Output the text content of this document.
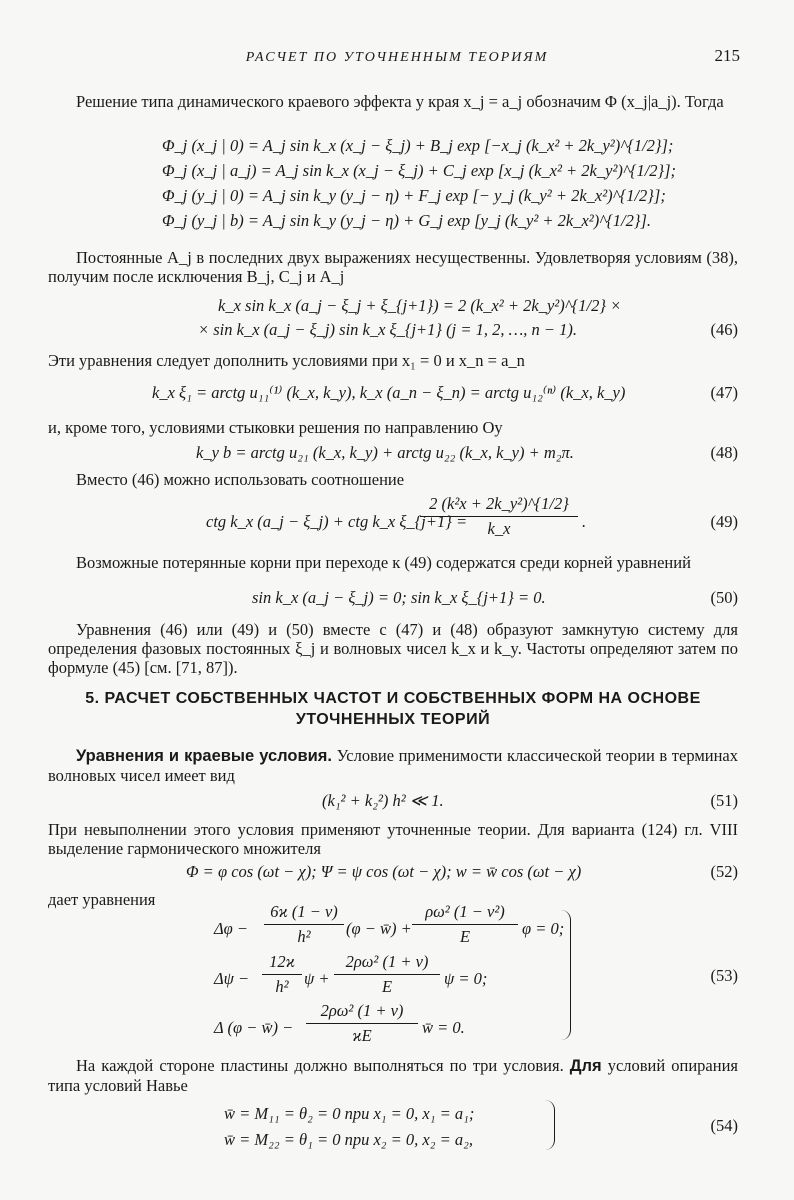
РАСЧЕТ ПО УТОЧНЕННЫМ ТЕОРИЯМ	215
Решение типа динамического краевого эффекта у края x_j = a_j обозначим Φ (x_j|a_j). Тогда
Φ_j (x_j | 0) = A_j sin k_x (x_j − ξ_j) + B_j exp [−x_j (k_x² + 2k_y²)^{1/2}];
Φ_j (x_j | a_j) = A_j sin k_x (x_j − ξ_j) + C_j exp [x_j (k_x² + 2k_y²)^{1/2}];
Φ_j (y_j | 0) = A_j sin k_y (y_j − η) + F_j exp [− y_j (k_y² + 2k_x²)^{1/2}];
Φ_j (y_j | b) = A_j sin k_y (y_j − η) + G_j exp [y_j (k_y² + 2k_x²)^{1/2}].
Постоянные A_j в последних двух выражениях несущественны. Удовлетворяя условиям (38), получим после исключения B_j, C_j и A_j
k_x sin k_x (a_j − ξ_j + ξ_{j+1}) = 2 (k_x² + 2k_y²)^{1/2} ×
× sin k_x (a_j − ξ_j) sin k_x ξ_{j+1} (j = 1, 2, …, n − 1).	(46)
Эти уравнения следует дополнить условиями при x₁ = 0 и x_n = a_n
k_x ξ₁ = arctg u₁₁⁽¹⁾ (k_x, k_y), k_x (a_n − ξ_n) = arctg u₁₂⁽ⁿ⁾ (k_x, k_y)	(47)
и, кроме того, условиями стыковки решения по направлению Oy
k_y b = arctg u₂₁ (k_x, k_y) + arctg u₂₂ (k_x, k_y) + m₂π.	(48)
Вместо (46) можно использовать соотношение
ctg k_x (a_j − ξ_j) + ctg k_x ξ_{j+1} =
2 (k²x + 2k_y²)^{1/2}
k_x	.	(49)
Возможные потерянные корни при переходе к (49) содержатся среди корней уравнений
sin k_x (a_j − ξ_j) = 0; sin k_x ξ_{j+1} = 0.	(50)
Уравнения (46) или (49) и (50) вместе с (47) и (48) образуют замкнутую систему для определения фазовых постоянных ξ_j и волновых чисел k_x и k_y. Частоты определяют затем по формуле (45) [см. [71, 87]).
5. РАСЧЕТ СОБСТВЕННЫХ ЧАСТОТ И СОБСТВЕННЫХ ФОРМ НА ОСНОВЕ УТОЧНЕННЫХ ТЕОРИЙ
Уравнения и краевые условия. Условие применимости классической теории в терминах волновых чисел имеет вид
(k₁² + k₂²) h² ≪ 1.	(51)
При невыполнении этого условия применяют уточненные теории. Для варианта (124) гл. VIII выделение гармонического множителя
Φ = φ cos (ωt − χ); Ψ = ψ cos (ωt − χ); w = w̄ cos (ωt − χ)	(52)
дает уравнения
Δφ −
6ϰ (1 − ν)
h²	(φ − w̄) +
ρω² (1 − ν²)
E	φ = 0;
Δψ −
12ϰ
h² ψ +
2ρω² (1 + ν)
E	ψ = 0;
Δ (φ − w̄) −
2ρω² (1 + ν)
ϰE	w̄ = 0.
(53)
На каждой стороне пластины должно выполняться по три условия. Для условий опирания типа условий Навье
w̄ = M₁₁ = θ₂ = 0 при x₁ = 0, x₁ = a₁;
w̄ = M₂₂ = θ₁ = 0 при x₂ = 0, x₂ = a₂,
(54)
